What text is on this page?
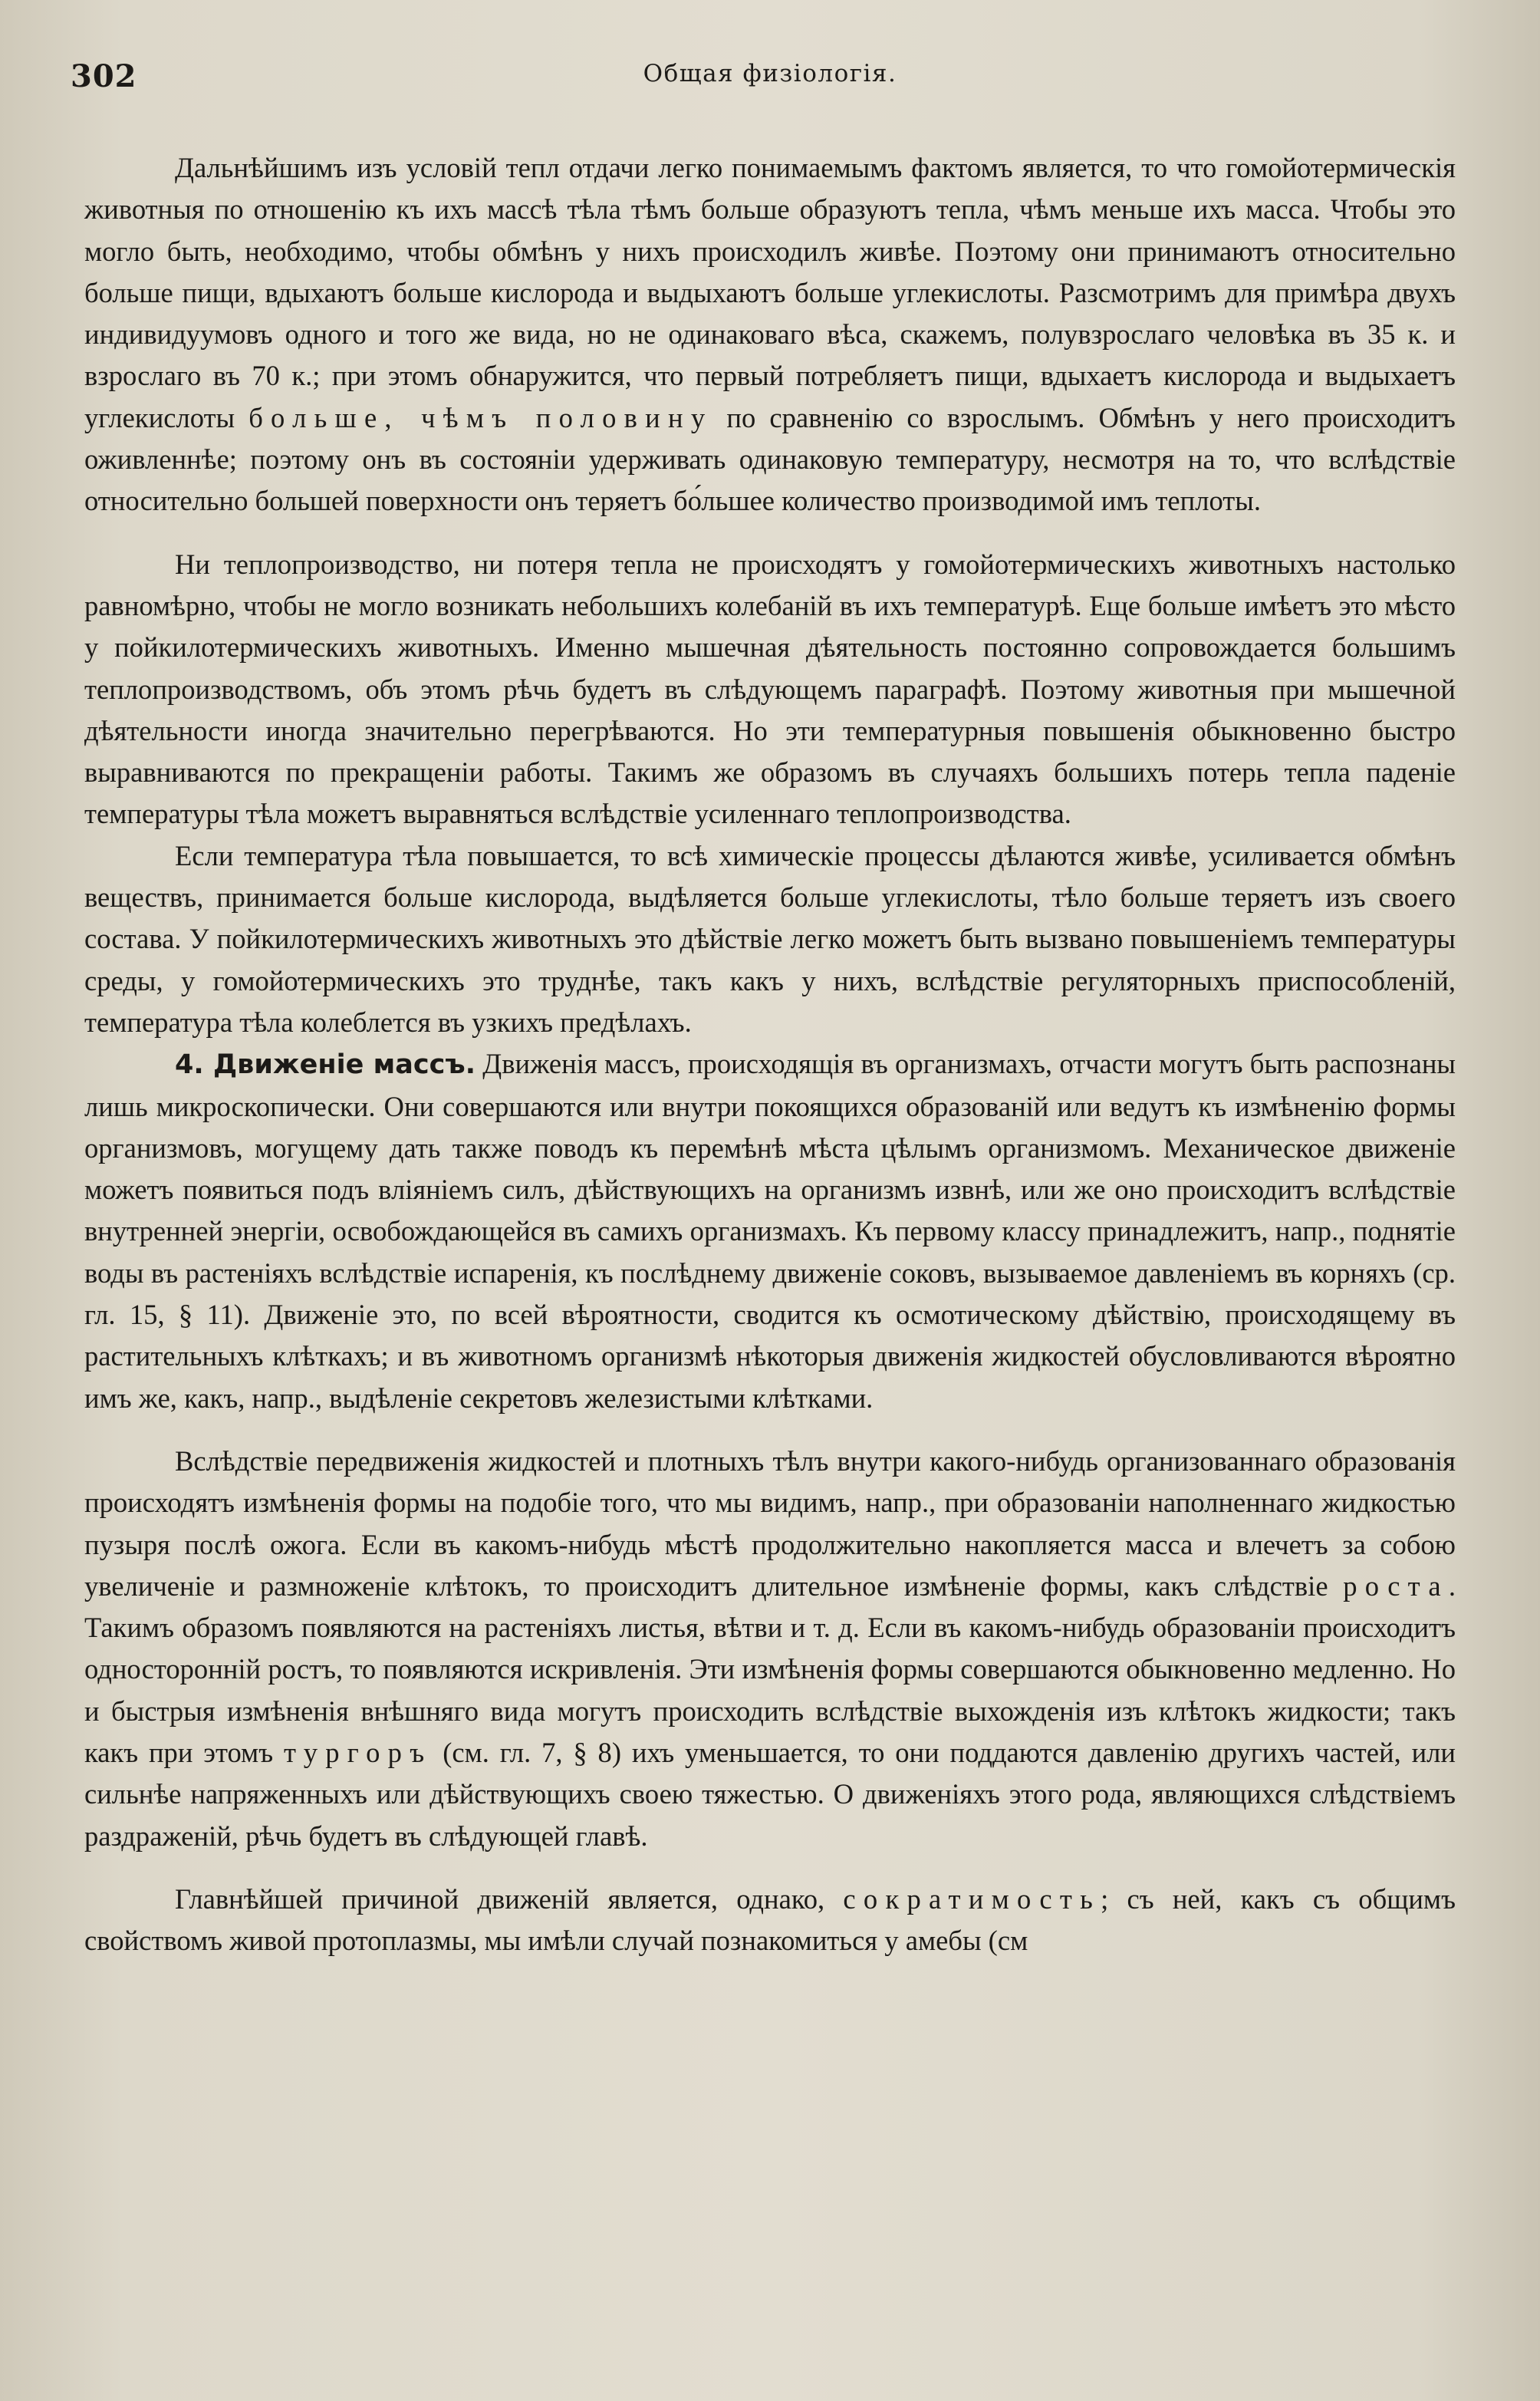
302	Общая физiологiя.

Дальнѣйшимъ изъ условій тепл отдачи легко понимаемымъ фактомъ является, то что гомойотермическія животныя по отношенію къ ихъ массѣ тѣла тѣмъ больше образуютъ тепла, чѣмъ меньше ихъ масса. Чтобы это могло быть, необходимо, чтобы обмѣнъ у нихъ происходилъ живѣе. Поэтому они принимаютъ относительно больше пищи, вдыхаютъ больше кислорода и выдыхаютъ больше углекислоты. Разсмотримъ для примѣра двухъ индивидуумовъ одного и того же вида, но не одинаковаго вѣса, скажемъ, полувзрослаго человѣка въ 35 к. и взрослаго въ 70 к.; при этомъ обнаружится, что первый потребляетъ пищи, вдыхаетъ кислорода и выдыхаетъ углекислоты больше, чѣмъ половину по сравненію со взрослымъ. Обмѣнъ у него происходитъ оживленнѣе; поэтому онъ въ состояніи удерживать одинаковую температуру, несмотря на то, что вслѣдствіе относительно большей поверхности онъ теряетъ бо́льшее количество производимой имъ теплоты.

Ни теплопроизводство, ни потеря тепла не происходятъ у гомойотермическихъ животныхъ настолько равномѣрно, чтобы не могло возникать небольшихъ колебаній въ ихъ температурѣ. Еще больше имѣетъ это мѣсто у пойкилотермическихъ животныхъ. Именно мышечная дѣятельность постоянно сопровождается большимъ теплопроизводствомъ, объ этомъ рѣчь будетъ въ слѣдующемъ параграфѣ. Поэтому животныя при мышечной дѣятельности иногда значительно перегрѣваются. Но эти температурныя повышенія обыкновенно быстро выравниваются по прекращеніи работы. Такимъ же образомъ въ случаяхъ большихъ потерь тепла паденіе температуры тѣла можетъ выравняться вслѣдствіе усиленнаго теплопроизводства.

Если температура тѣла повышается, то всѣ химическіе процессы дѣлаются живѣе, усиливается обмѣнъ веществъ, принимается больше кислорода, выдѣляется больше углекислоты, тѣло больше теряетъ изъ своего состава. У пойкилотермическихъ животныхъ это дѣйствіе легко можетъ быть вызвано повышеніемъ температуры среды, у гомойотермическихъ это труднѣе, такъ какъ у нихъ, вслѣдствіе регуляторныхъ приспособленій, температура тѣла колеблется въ узкихъ предѣлахъ.

4. Движеніе массъ. Движенія массъ, происходящія въ организмахъ, отчасти могутъ быть распознаны лишь микроскопически. Они совершаются или внутри покоящихся образованій или ведутъ къ измѣненію формы организмовъ, могущему дать также поводъ къ перемѣнѣ мѣста цѣлымъ организмомъ. Механическое движеніе можетъ появиться подъ вліяніемъ силъ, дѣйствующихъ на организмъ извнѣ, или же оно происходитъ вслѣдствіе внутренней энергіи, освобождающейся въ самихъ организмахъ. Къ первому классу принадлежитъ, напр., поднятіе воды въ растеніяхъ вслѣдствіе испаренія, къ послѣднему движеніе соковъ, вызываемое давленіемъ въ корняхъ (ср. гл. 15, § 11). Движеніе это, по всей вѣроятности, сводится къ осмотическому дѣйствію, происходящему въ растительныхъ клѣткахъ; и въ животномъ организмѣ нѣкоторыя движенія жидкостей обусловливаются вѣроятно имъ же, какъ, напр., выдѣленіе секретовъ железистыми клѣтками.

Вслѣдствіе передвиженія жидкостей и плотныхъ тѣлъ внутри какого-нибудь организованнаго образованія происходятъ измѣненія формы на подобіе того, что мы видимъ, напр., при образованіи наполненнаго жидкостью пузыря послѣ ожога. Если въ какомъ-нибудь мѣстѣ продолжительно накопляется масса и влечетъ за собою увеличеніе и размноженіе клѣтокъ, то происходитъ длительное измѣненіе формы, какъ слѣдствіе роста. Такимъ образомъ появляются на растеніяхъ листья, вѣтви и т. д. Если въ какомъ-нибудь образованіи происходитъ односторонній ростъ, то появляются искривленія. Эти измѣненія формы совершаются обыкновенно медленно. Но и быстрыя измѣненія внѣшняго вида могутъ происходить вслѣдствіе выхожденія изъ клѣтокъ жидкости; такъ какъ при этомъ тургоръ (см. гл. 7, § 8) ихъ уменьшается, то они поддаются давленію другихъ частей, или сильнѣе напряженныхъ или дѣйствующихъ своею тяжестью. О движеніяхъ этого рода, являющихся слѣдствіемъ раздраженій, рѣчь будетъ въ слѣдующей главѣ.

Главнѣйшей причиной движеній является, однако, сократимость; съ ней, какъ съ общимъ свойствомъ живой протоплазмы, мы имѣли случай познакомиться у амебы (см
